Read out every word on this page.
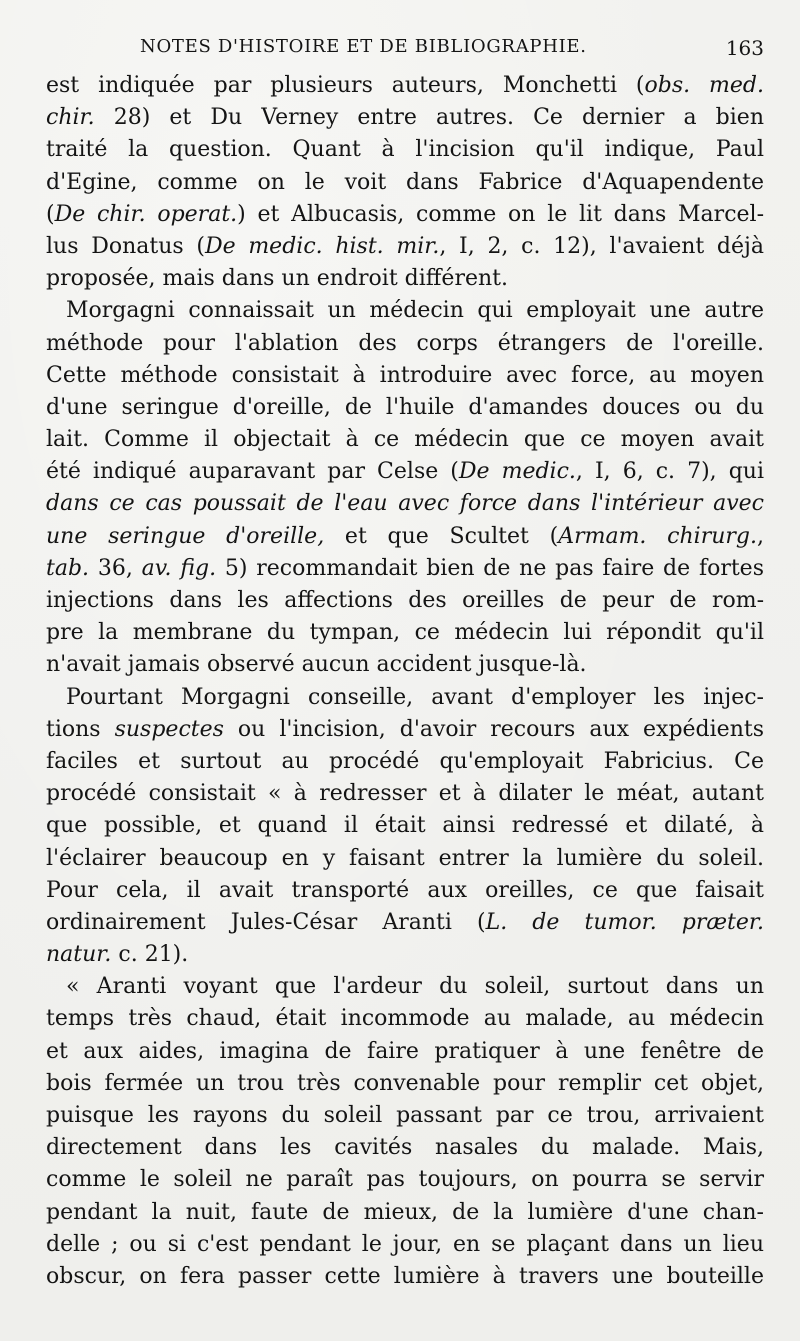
NOTES D'HISTOIRE ET DE BIBLIOGRAPHIE.	163
est indiquée par plusieurs auteurs, Monchetti (obs. med.
chir. 28) et Du Verney entre autres. Ce dernier a bien
traité la question. Quant à l'incision qu'il indique, Paul
d'Egine, comme on le voit dans Fabrice d'Aquapendente
(De chir. operat.) et Albucasis, comme on le lit dans Marcel-
lus Donatus (De medic. hist. mir., I, 2, c. 12), l'avaient déjà
proposée, mais dans un endroit différent.
Morgagni connaissait un médecin qui employait une autre
méthode pour l'ablation des corps étrangers de l'oreille.
Cette méthode consistait à introduire avec force, au moyen
d'une seringue d'oreille, de l'huile d'amandes douces ou du
lait. Comme il objectait à ce médecin que ce moyen avait
été indiqué auparavant par Celse (De medic., I, 6, c. 7), qui
dans ce cas poussait de l'eau avec force dans l'intérieur avec
une seringue d'oreille, et que Scultet (Armam. chirurg.,
tab. 36, av. fig. 5) recommandait bien de ne pas faire de fortes
injections dans les affections des oreilles de peur de rom-
pre la membrane du tympan, ce médecin lui répondit qu'il
n'avait jamais observé aucun accident jusque-là.
Pourtant Morgagni conseille, avant d'employer les injec-
tions suspectes ou l'incision, d'avoir recours aux expédients
faciles et surtout au procédé qu'employait Fabricius. Ce
procédé consistait « à redresser et à dilater le méat, autant
que possible, et quand il était ainsi redressé et dilaté, à
l'éclairer beaucoup en y faisant entrer la lumière du soleil.
Pour cela, il avait transporté aux oreilles, ce que faisait
ordinairement Jules-César Aranti (L. de tumor. præter.
natur. c. 21).
« Aranti voyant que l'ardeur du soleil, surtout dans un
temps très chaud, était incommode au malade, au médecin
et aux aides, imagina de faire pratiquer à une fenêtre de
bois fermée un trou très convenable pour remplir cet objet,
puisque les rayons du soleil passant par ce trou, arrivaient
directement dans les cavités nasales du malade. Mais,
comme le soleil ne paraît pas toujours, on pourra se servir
pendant la nuit, faute de mieux, de la lumière d'une chan-
delle ; ou si c'est pendant le jour, en se plaçant dans un lieu
obscur, on fera passer cette lumière à travers une bouteille
